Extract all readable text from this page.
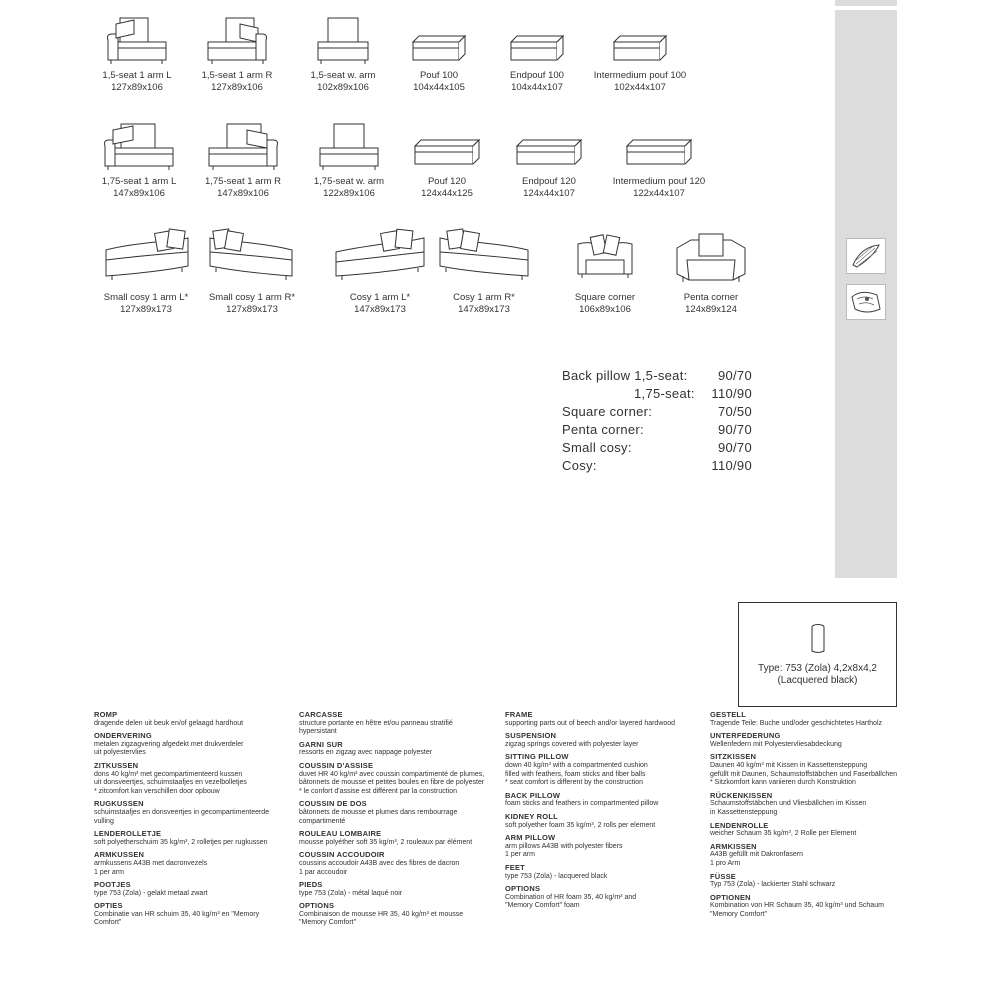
1,5-seat 1 arm L
127x89x106
1,5-seat 1 arm R
127x89x106
1,5-seat w. arm
102x89x106
Pouf 100
104x44x105
Endpouf 100
104x44x107
Intermedium pouf 100
102x44x107
1,75-seat 1 arm L
147x89x106
1,75-seat 1 arm R
147x89x106
1,75-seat w. arm
122x89x106
Pouf 120
124x44x125
Endpouf 120
124x44x107
Intermedium pouf 120
122x44x107
Small cosy 1 arm L*
127x89x173
Small cosy 1 arm R*
127x89x173
Cosy 1 arm L*
147x89x173
Cosy 1 arm R*
147x89x173
Square corner
106x89x106
Penta corner
124x89x124
Back pillow 1,5-seat: 90/70
1,75-seat: 110/90
Square corner:	70/50
Penta corner:	90/70
Small cosy:	90/70
Cosy:	110/90
Type: 753 (Zola) 4,2x8x4,2
(Lacquered black)
ROMP
dragende delen uit beuk en/of gelaagd hardhout
ONDERVERING
metalen zigzagvering afgedekt met drukverdeler
uit polyestervlies
ZITKUSSEN
dons 40 kg/m³ met gecompartimenteerd kussen
uit donsveertjes, schuimstaafjes en vezelbolletjes
* zitcomfort kan verschillen door opbouw
RUGKUSSEN
schuimstaafjes en donsveertjes in gecompartimenteerde
vulling
LENDEROLLETJE
soft polyetherschuim 35 kg/m³, 2 rolletjes per rugkussen
ARMKUSSEN
armkussens A43B met dacronvezels
1 per arm
POOTJES
type 753 (Zola) - gelakt metaal zwart
OPTIES
Combinatie van HR schuim 35, 40 kg/m³ en "Memory
Comfort"
CARCASSE
structure portante en hêtre et/ou panneau stratifié
hypersistant
GARNI SUR
ressorts en zigzag avec nappage polyester
COUSSIN D'ASSISE
duvet HR 40 kg/m³ avec coussin compartimenté de plumes,
bâtonnets de mousse et petites boules en fibre de polyester
* le confort d'assise est différent par la construction
COUSSIN DE DOS
bâtonnets de mousse et plumes dans rembourrage
compartimenté
ROULEAU LOMBAIRE
mousse polyéther soft 35 kg/m³, 2 rouleaux par élément
COUSSIN ACCOUDOIR
coussins accoudoir A43B avec des fibres de dacron
1 par accoudoir
PIEDS
type 753 (Zola) - métal laqué noir
OPTIONS
Combinaison de mousse HR 35, 40 kg/m³ et mousse
"Memory Comfort"
FRAME
supporting parts out of beech and/or layered hardwood
SUSPENSION
zigzag springs covered with polyester layer
SITTING PILLOW
down 40 kg/m³ with a compartmented cushion
filled with feathers, foam sticks and fiber balls
* seat comfort is different by the construction
BACK PILLOW
foam sticks and feathers in compartmented pillow
KIDNEY ROLL
soft polyether foam 35 kg/m³, 2 rolls per element
ARM PILLOW
arm pillows A43B with polyester fibers
1 per arm
FEET
type 753 (Zola) - lacquered black
OPTIONS
Combination of HR foam 35, 40 kg/m³ and
"Memory Comfort" foam
GESTELL
Tragende Teile: Buche und/oder geschichtetes Hartholz
UNTERFEDERUNG
Wellenfedern mit Polyestervliesabdeckung
SITZKISSEN
Daunen 40 kg/m³ mit Kissen in Kassettensteppung
gefüllt mit Daunen, Schaumstoffstäbchen und Faserbällchen
* Sitzkomfort kann variieren durch Konstruktion
RÜCKENKISSEN
Schaumstoffstäbchen und Vliesbällchen im Kissen
in Kassettensteppung
LENDENROLLE
weicher Schaum 35 kg/m³, 2 Rolle per Element
ARMKISSEN
A43B gefüllt mit Dakronfasern
1 pro Arm
FÜSSE
Typ 753 (Zola) - lackierter Stahl schwarz
OPTIONEN
Kombination von HR Schaum 35, 40 kg/m³ und Schaum
"Memory Comfort"
